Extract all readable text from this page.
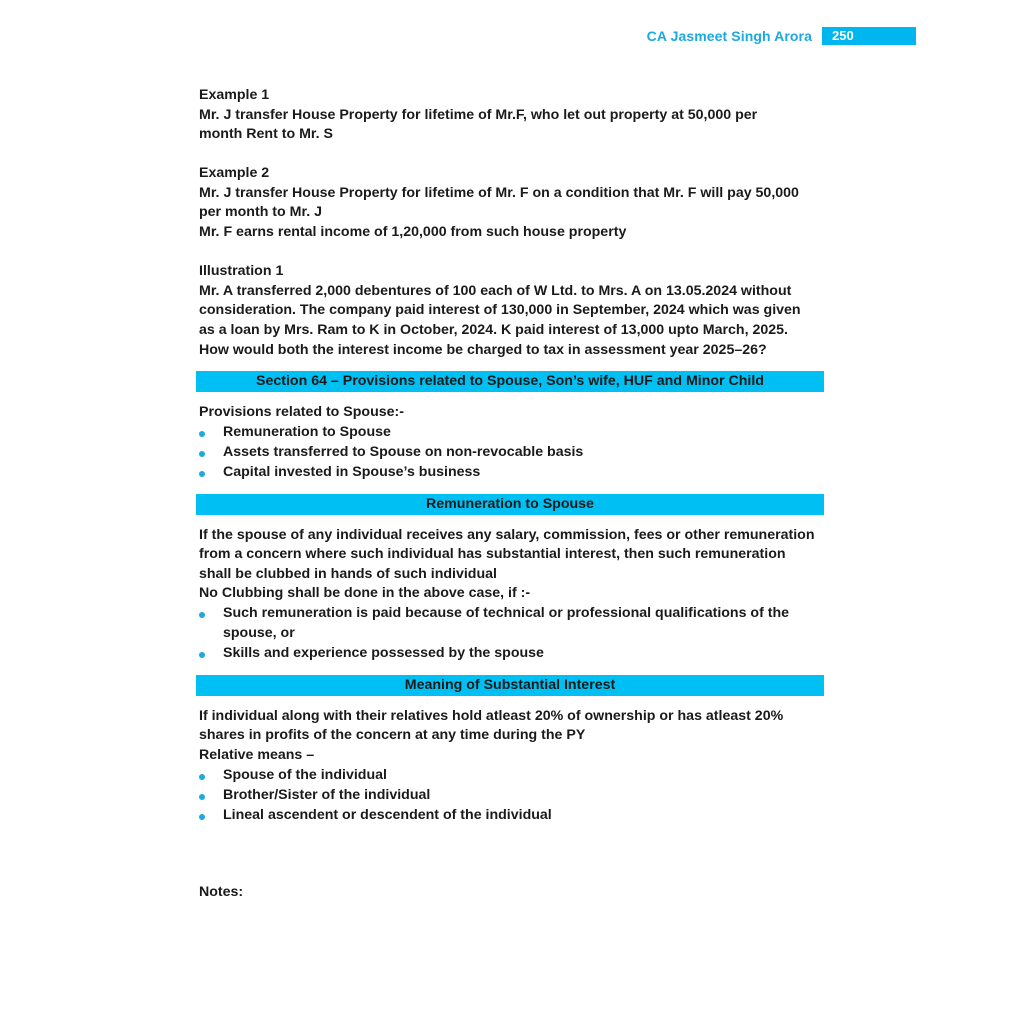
CA Jasmeet Singh Arora	250

Example 1

Mr. J transfer House Property for lifetime of Mr.F, who let out property at 50,000 per

month Rent to Mr. S

Example 2

Mr. J transfer House Property for lifetime of Mr. F on a condition that Mr. F will pay 50,000

per month to Mr. J

Mr. F earns rental income of 1,20,000 from such house property

Illustration 1

Mr. A transferred 2,000 debentures of 100 each of W Ltd. to Mrs. A on 13.05.2024 without

consideration. The company paid interest of 130,000 in September, 2024 which was given

as a loan by Mrs. Ram to K in October, 2024. K paid interest of 13,000 upto March, 2025.

How would both the interest income be charged to tax in assessment year 2025–26?

Section 64 – Provisions related to Spouse, Son’s wife, HUF and Minor Child

Provisions related to Spouse:-

Remuneration to Spouse
Assets transferred to Spouse on non-revocable basis
Capital invested in Spouse’s business
Remuneration to Spouse

If the spouse of any individual receives any salary, commission, fees or other remuneration

from a concern where such individual has substantial interest, then such remuneration

shall be clubbed in hands of such individual

No Clubbing shall be done in the above case, if :-

Such remuneration is paid because of technical or professional qualifications of the
spouse, or
Skills and experience possessed by the spouse
Meaning of Substantial Interest

If individual along with their relatives hold atleast 20% of ownership or has atleast 20%

shares in profits of the concern at any time during the PY

Relative means –

Spouse of the individual
Brother/Sister of the individual
Lineal ascendent or descendent of the individual

Notes:
